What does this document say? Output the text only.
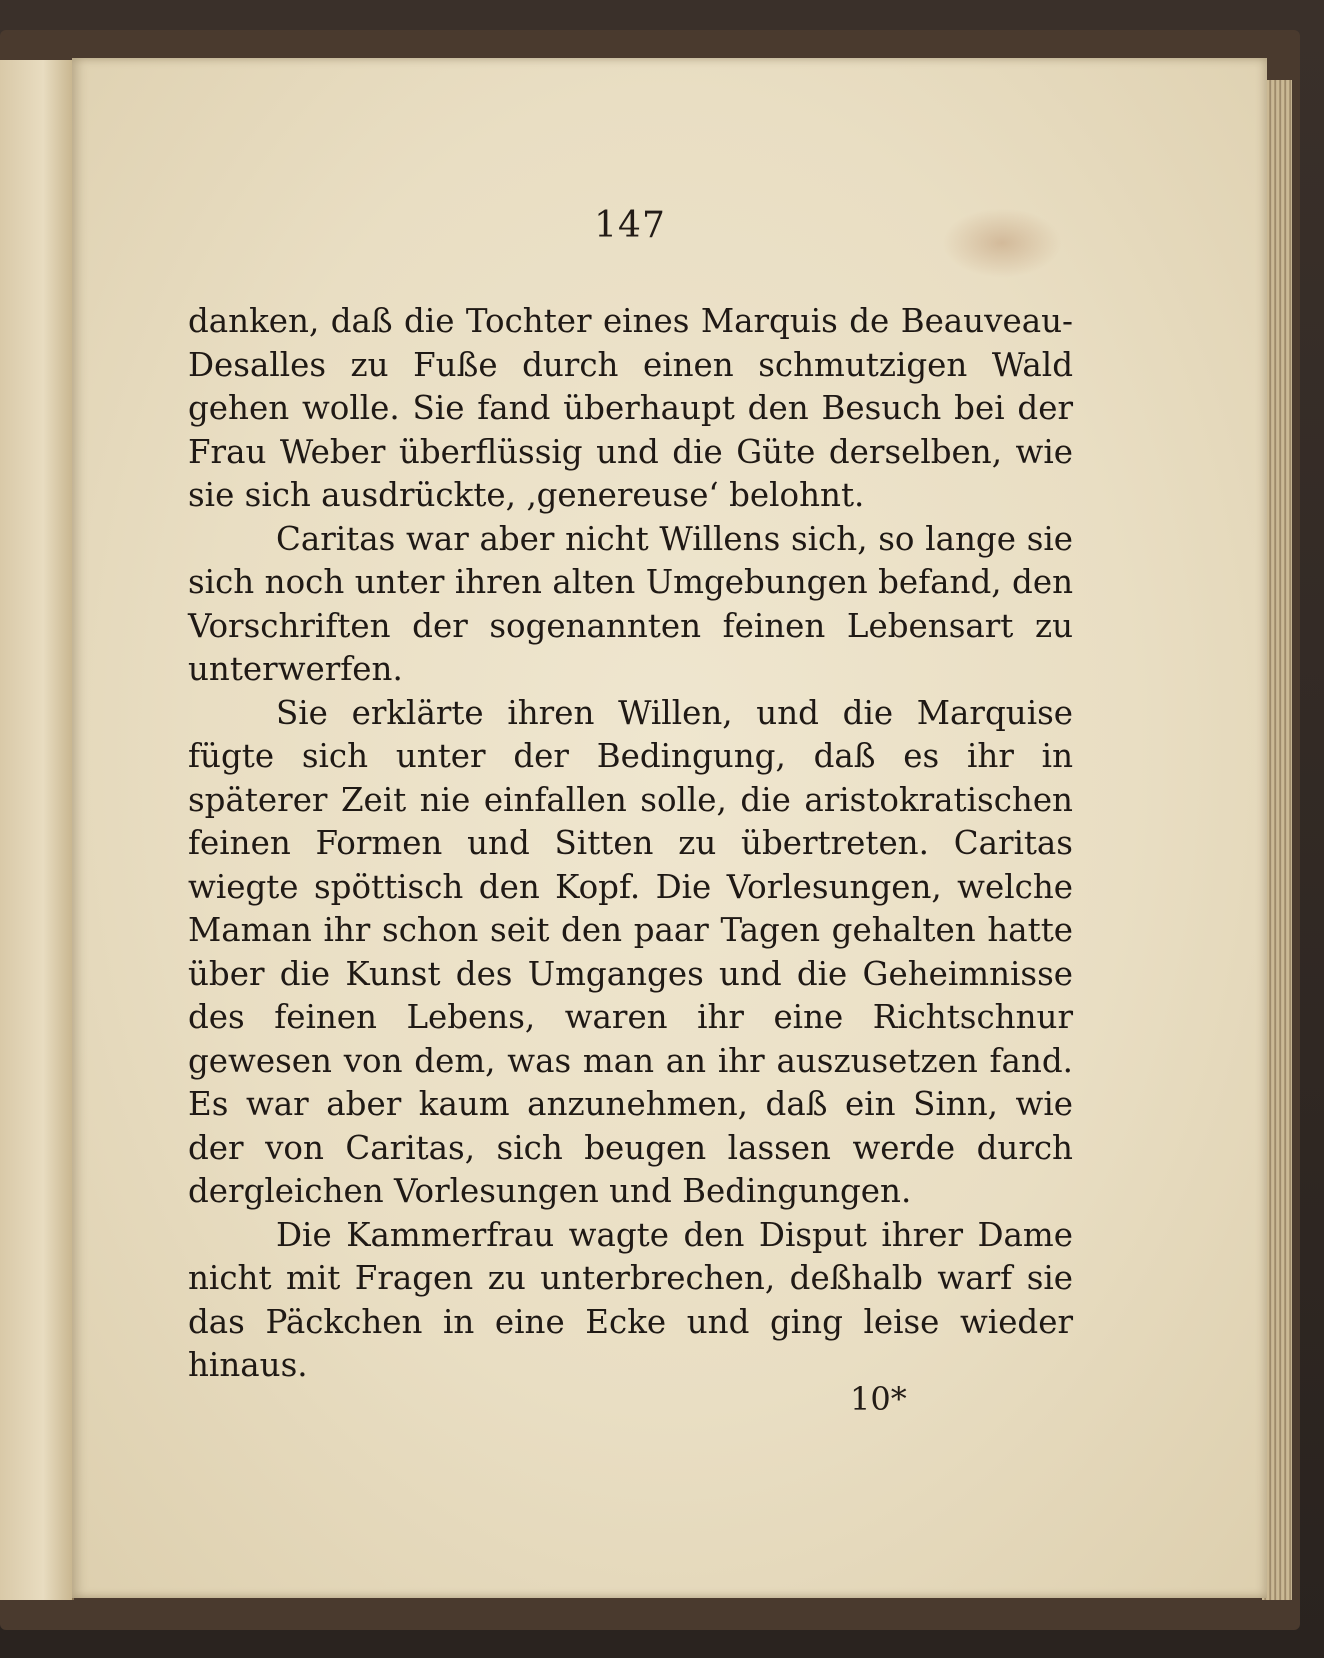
147

danken, daß die Tochter eines Marquis de Beauveau-Desalles zu Fuße durch einen schmutzigen Wald gehen wolle. Sie fand überhaupt den Besuch bei der Frau Weber überflüssig und die Güte derselben, wie sie sich ausdrückte, ‚genereuse‘ belohnt.

Caritas war aber nicht Willens sich, so lange sie sich noch unter ihren alten Umgebungen befand, den Vorschriften der sogenannten feinen Lebensart zu unterwerfen.

Sie erklärte ihren Willen, und die Marquise fügte sich unter der Bedingung, daß es ihr in späterer Zeit nie einfallen solle, die aristokratischen feinen Formen und Sitten zu übertreten. Caritas wiegte spöttisch den Kopf. Die Vorlesungen, welche Maman ihr schon seit den paar Tagen gehalten hatte über die Kunst des Umganges und die Geheimnisse des feinen Lebens, waren ihr eine Richtschnur gewesen von dem, was man an ihr auszusetzen fand. Es war aber kaum anzunehmen, daß ein Sinn, wie der von Caritas, sich beugen lassen werde durch dergleichen Vorlesungen und Bedingungen.

Die Kammerfrau wagte den Disput ihrer Dame nicht mit Fragen zu unterbrechen, deßhalb warf sie das Päckchen in eine Ecke und ging leise wieder hinaus.

10*
